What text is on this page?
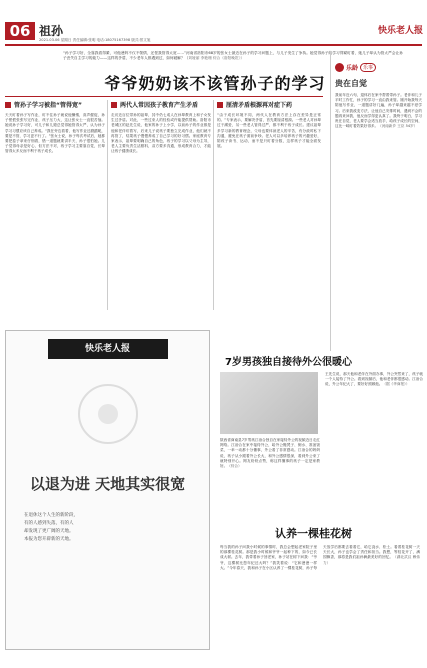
06 祖孙
2021.03.06 星期日 责任编辑:张明 电话:18075167398 版式:蔡文旭
快乐老人报
“孙子学习好，全靠我看得紧，可他爸妈不仅不领情，还怪我管得太宽……”河南省洛阳市68岁的张女士最近在孙子的学习问题上，与儿子发生了争执。她觉得孙子的学习得紧盯着，她儿子却认为管太严会让孙子丧失自主学习的能力——这样的矛盾，不少老年人都遇到过，如何破解？（刘娅丽 李艳珊 综合《洛阳晚报》）
爷爷奶奶该不该管孙子的学习
管孙子学习被指“管得宽”
天天盯着孙子写作业，盯不住孙子就说他懒惰，高声催促，孙子慌慌张张写完作业，孩子压力大，这让张女士一直很苦恼。她说孙子学习好，可儿子和儿媳总觉得她管得太严，认为孙子学习习惯应该自己养成。“我在旁边看着，他写作业还磨蹭呢，要是不管，学习更不行了。”张女士说，孙子每次考试后，她都要把卷子拿来仔细看，错一道题就要讲半天，孙子很怕她。儿子觉得母亲是好心，但方法不对，孩子学习主要靠自觉，长辈管得太多反而不利于孩子成长。
两代人常因孩子教育产生矛盾
走访近百位带孙的祖辈，其中仍七成人在孙辈教育上和子女发生过矛盾。对此，一些过来人的经验或许能提供帮助。洛阳市老城区的赵先生说，他家的孙子上小学，以前孙子的作业都是他和老伴盯着写，后来儿子说孩子要独立完成作业，他们就不再管了，结果孩子慢慢养成了自己学习的好习惯。家庭教育专家表示，祖辈要明确自己的角色，孩子的学习以父母为主导，老人主要负责生活照料，双方要多沟通，形成教育合力，才能让孩子健康成长。
厘清矛盾根源再对症下药
“由于成长环境不同，两代人在教育方法上存在差异是正常的。”专家表示，要解决矛盾，首先要厘清根源。一些老人对孙辈过于溺爱，另一些老人管得过严，都不利于孩子成长。建议祖辈多学习新的教育理念，父母也要体谅老人的辛苦，有分歧时私下沟通，避免在孩子面前争吵。老人可以多培养孩子的兴趣爱好，陪孩子读书、运动，而不是只盯着分数，这样孩子才能全面发展。
乐龄	乐事
贵在自觉
我前年近六旬，退休后在家中帮着带孙子。老伴和儿子平时工作忙，孙子的学习一直由我来管。刚开始我每天陪他写作业，一道题讲好几遍，孙子却越来越不爱学习。后来我改变方法，让他自己安排时间，遇到不会的题再来问我，他反而学得更认真了。我终于明白，学习贵在自觉，老人要学会适当放手，给孩子成长的空间，这比一味盯着效果好得多。（河南新乡 王臣 54岁）
快乐老人报
以退为进 天地其实很宽
在退休这个人生的新阶段，
有的人感到失落，有的人
却发现了更广阔的天地。
本报为您开辟新的天地。
7岁男孩独自接待外公很暖心
陕西省商南县7岁男孩江治合独自在家接待外公的视频近日走红网络。江治合在家中接待外公，给外公搬凳子、倒水、准备饭菜，一举一动都十分懂事，外公看了非常感动。江治合的妈妈说，孩子从小跟着外公长大，和外公感情很深，看到外公来了就特别开心。网友纷纷点赞，称这样懂事的孩子一定是家教好。（综合）
王先生说，那天他和老伴在外面办事，外公突然来了，孩子就一个人接待了外公。看到视频后，他和老伴都很感动。江治合说，外公年纪大了，要好好照顾他。（据《华商报》）
认养一棵桂花树
每当我的孙子问我小时候的事情时，我总会想起老家院子里的那棵桂花树。那是我小时候和爷爷一起种下的，如今已长成大树。去年，我带着孙子回老家，孙子站在树下问我：“爷爷，这棵树比您年纪还大吗？”我笑着说：“它和爸爸一样大。”今年春天，我和孙子在小区认养了一棵桂花树，孙子每天放学后都要去看看它，给它浇水、松土。看着桂花树一天天长大，孙子也学会了责任和担当。我想，等桂花开了，满园飘香，那将是我们祖孙俩最美好的回忆。（湖北武汉 赖伟力）
